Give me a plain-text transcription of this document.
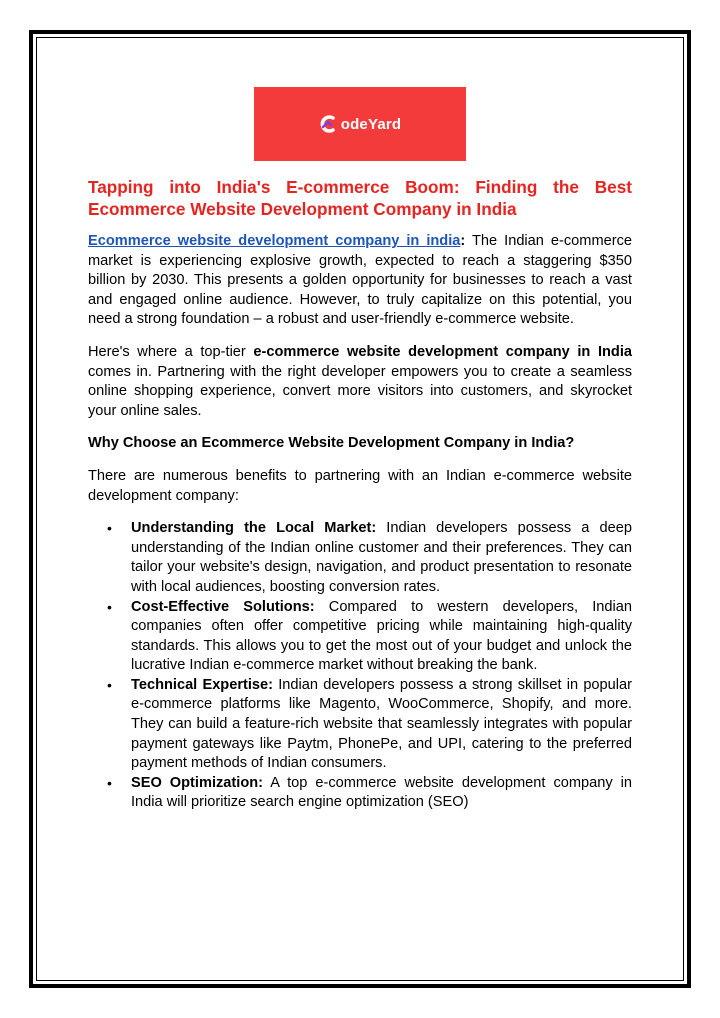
odeYard
Tapping into India's E-commerce Boom: Finding the Best Ecommerce Website Development Company in India

Ecommerce website development company in india: The Indian e-commerce market is experiencing explosive growth, expected to reach a staggering $350 billion by 2030. This presents a golden opportunity for businesses to reach a vast and engaged online audience. However, to truly capitalize on this potential, you need a strong foundation – a robust and user-friendly e-commerce website.

Here's where a top-tier e-commerce website development company in India comes in. Partnering with the right developer empowers you to create a seamless online shopping experience, convert more visitors into customers, and skyrocket your online sales.

Why Choose an Ecommerce Website Development Company in India?

There are numerous benefits to partnering with an Indian e-commerce website development company:

• Understanding the Local Market: Indian developers possess a deep understanding of the Indian online customer and their preferences. They can tailor your website's design, navigation, and product presentation to resonate with local audiences, boosting conversion rates.
• Cost-Effective Solutions: Compared to western developers, Indian companies often offer competitive pricing while maintaining high-quality standards. This allows you to get the most out of your budget and unlock the lucrative Indian e-commerce market without breaking the bank.
• Technical Expertise: Indian developers possess a strong skillset in popular e-commerce platforms like Magento, WooCommerce, Shopify, and more. They can build a feature-rich website that seamlessly integrates with popular payment gateways like Paytm, PhonePe, and UPI, catering to the preferred payment methods of Indian consumers.
• SEO Optimization: A top e-commerce website development company in India will prioritize search engine optimization (SEO)
